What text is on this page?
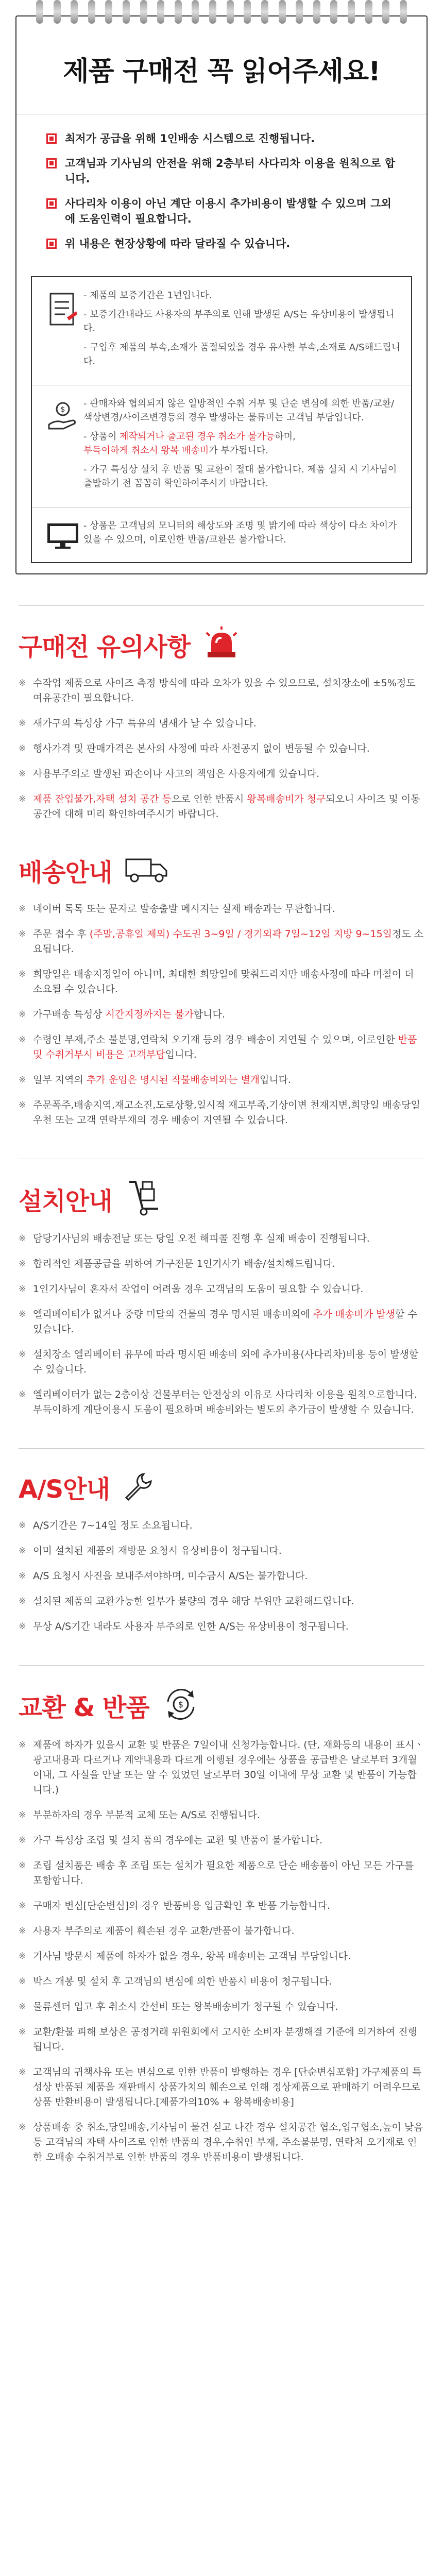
제품 구매전 꼭 읽어주세요!
최저가 공급을 위해 1인배송 시스템으로 진행됩니다.
고객님과 기사님의 안전을 위해 2층부터 사다리차 이용을 원칙으로 합니다.
사다리차 이용이 아닌 계단 이용시 추가비용이 발생할 수 있으며 그외에 도움인력이 필요합니다.
위 내용은 현장상황에 따라 달라질 수 있습니다.

- 제품의 보증기간은 1년입니다.

- 보증기간내라도 사용자의 부주의로 인해 발생된 A/S는 유상비용이 발생됩니다.

- 구입후 제품의 부속,소재가 품절되었을 경우 유사한 부속,소재로 A/S해드립니다.

$

- 판매자와 협의되지 않은 일방적인 수취 거부 및 단순 변심에 의한 반품/교환/색상변경/사이즈변경등의 경우 발생하는 물류비는 고객님 부담입니다.

- 상품이 제작되거나 출고된 경우 취소가 불가능하며,
부득이하게 취소시 왕복 배송비가 부가됩니다.

- 가구 특성상 설치 후 반품 및 교환이 절대 불가합니다. 제품 설치 시 기사님이 출발하기 전 꼼꼼히 확인하여주시기 바랍니다.

- 상품은 고객님의 모니터의 해상도와 조명 및 밝기에 따라 색상이 다소 차이가 있을 수 있으며, 이로인한 반품/교환은 불가합니다.
구매전 유의사항
※ 수작업 제품으로 사이즈 측정 방식에 따라 오차가 있을 수 있으므로, 설치장소에 ±5%정도 여유공간이 필요합니다.
※ 새가구의 특성상 가구 특유의 냄새가 날 수 있습니다.
※ 행사가격 및 판매가격은 본사의 사정에 따라 사전공지 없이 변동될 수 있습니다.
※ 사용부주의로 발생된 파손이나 사고의 책임은 사용자에게 있습니다.
※ 제품 잔입불가,자택 설치 공간 등으로 인한 반품시 왕복배송비가 청구되오니 사이즈 및 이동공간에 대해 미리 확인하여주시기 바랍니다.
배송안내
※ 네이버 톡톡 또는 문자로 발송출발 메시지는 실제 배송과는 무관합니다.
※ 주문 접수 후 (주말,공휴일 제외) 수도권 3~9일 / 경기외곽 7일~12일 지방 9~15일정도 소요됩니다.
※ 희망일은 배송지정일이 아니며, 최대한 희망일에 맞춰드리지만 배송사정에 따라 며칠이 더 소요될 수 있습니다.
※ 가구배송 특성상 시간지정까지는 불가합니다.
※ 수령인 부재,주소 불분명,연락처 오기재 등의 경우 배송이 지연될 수 있으며, 이로인한 반품및 수취거부시 비용은 고객부담입니다.
※ 일부 지역의 추가 운임은 명시된 작불배송비와는 별개입니다.
※ 주문폭주,배송지역,재고소진,도로상황,일시적 재고부족,기상이변 천재지변,희망일 배송당일 우천 또는 고객 연락부재의 경우 배송이 지연될 수 있습니다.
설치안내
※ 담당기사님의 배송전날 또는 당일 오전 해피콜 진행 후 실제 배송이 진행됩니다.
※ 합리적인 제품공급을 위하여 가구전문 1인기사가 배송/설치해드립니다.
※ 1인기사님이 혼자서 작업이 어려울 경우 고객님의 도움이 필요할 수 있습니다.
※ 엘리베이터가 없거나 중량 미달의 건물의 경우 명시된 배송비외에 추가 배송비가 발생할 수 있습니다.
※ 설치장소 엘리베이터 유무에 따라 명시된 배송비 외에 추가비용(사다리차)비용 등이 발생할 수 있습니다.
※ 엘리베이터가 없는 2층이상 건물부터는 안전상의 이유로 사다리차 이용을 원칙으로합니다. 부득이하게 계단이용시 도움이 필요하며 배송비와는 별도의 추가금이 발생할 수 있습니다.
A/S안내
※ A/S기간은 7~14일 정도 소요됩니다.
※ 이미 설치된 제품의 재방문 요청시 유상비용이 청구됩니다.
※ A/S 요청시 사진을 보내주셔야하며, 미수금시 A/S는 불가합니다.
※ 설치된 제품의 교환가능한 일부가 불량의 경우 해당 부위만 교환해드립니다.
※ 무상 A/S기간 내라도 사용자 부주의로 인한 A/S는 유상비용이 청구됩니다.
교환 & 반품	$
※ 제품에 하자가 있을시 교환 및 반품은 7일이내 신청가능합니다. (단, 재화등의 내용이 표시ㆍ광고내용과 다르거나 계약내용과 다르게 이행된 경우에는 상품을 공급받은 날로부터 3개월 이내, 그 사실을 안날 또는 알 수 있었던 날로부터 30일 이내에 무상 교환 및 반품이 가능합니다.)
※ 부분하자의 경우 부분적 교체 또는 A/S로 진행됩니다.
※ 가구 특성상 조립 및 설치 품의 경우에는 교환 및 반품이 불가합니다.
※ 조립 설치품은 배송 후 조립 또는 설치가 필요한 제품으로 단순 배송품이 아닌 모든 가구를 포함합니다.
※ 구매자 변심[단순변심]의 경우 반품비용 입금확인 후 반품 가능합니다.
※ 사용자 부주의로 제품이 훼손된 경우 교환/반품이 불가합니다.
※ 기사님 방문시 제품에 하자가 없을 경우, 왕복 배송비는 고객님 부담입니다.
※ 박스 개봉 및 설치 후 고객님의 변심에 의한 반품시 비용이 청구됩니다.
※ 물류센터 입고 후 취소시 간선비 또는 왕복배송비가 청구될 수 있습니다.
※ 교환/환불 피해 보상은 공정거래 위원회에서 고시한 소비자 분쟁해결 기준에 의거하여 진행됩니다.
※ 고객님의 귀책사유 또는 변심으로 인한 반품이 발행하는 경우 [단순변심포함] 가구제품의 특성상 반품된 제품을 재판매시 상품가치의 훼손으로 인해 정상제품으로 판매하기 어려우므로 상품 반환비용이 발생됩니다.[제품가의10% + 왕복배송비용]
※ 상품배송 중 취소,당일배송,기사님이 물건 싣고 나간 경우 설치공간 협소,입구협소,높이 낮음 등 고객님의 자택 사이즈로 인한 반품의 경우,수취인 부재, 주소불분명, 연락처 오기재로 인한 오배송 수취거부로 인한 반품의 경우 반품비용이 발생됩니다.
